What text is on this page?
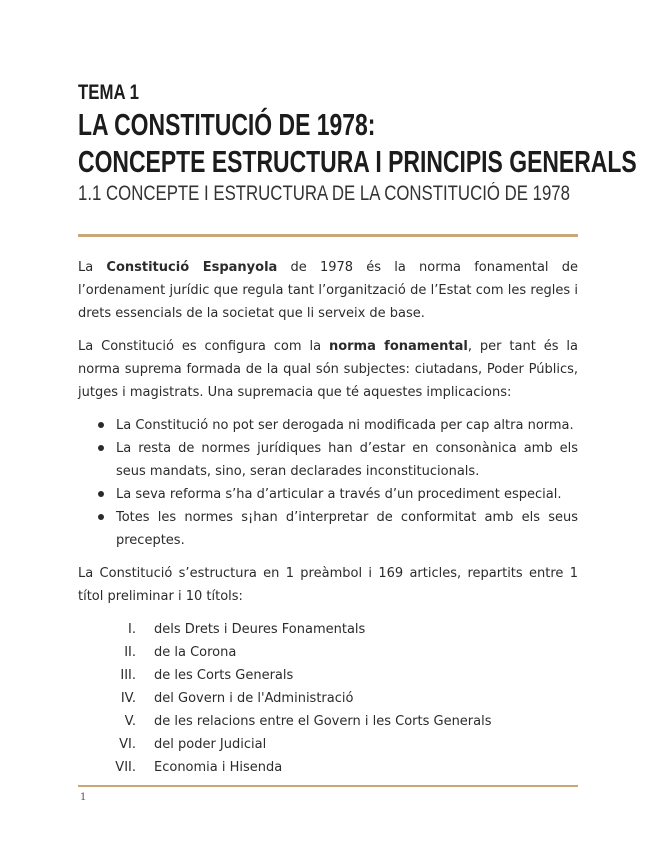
TEMA 1
LA CONSTITUCIÓ DE 1978:
CONCEPTE ESTRUCTURA I PRINCIPIS GENERALS
1.1 CONCEPTE I ESTRUCTURA DE LA CONSTITUCIÓ DE 1978

La Constitució Espanyola de 1978 és la norma fonamental de l’ordenament jurídic que regula tant l’organització de l’Estat com les regles i drets essencials de la societat que li serveix de base.

La Constitució es configura com la norma fonamental, per tant és la norma suprema formada de la qual són subjectes: ciutadans, Poder Públics, jutges i magistrats. Una supremacia que té aquestes implicacions:

La Constitució no pot ser derogada ni modificada per cap altra norma.
La resta de normes jurídiques han d’estar en consonànica amb els seus mandats, sino, seran declarades inconstitucionals.
La seva reforma s’ha d’articular a través d’un procediment especial.
Totes les normes s¡han d’interpretar de conformitat amb els seus preceptes.

La Constitució s’estructura en 1 preàmbol i 169 articles, repartits entre 1 títol preliminar i 10 títols:

I. dels Drets i Deures Fonamentals
II. de la Corona
III. de les Corts Generals
IV. del Govern i de l'Administració
V. de les relacions entre el Govern i les Corts Generals
VI. del poder Judicial
VII. Economia i Hisenda
1
